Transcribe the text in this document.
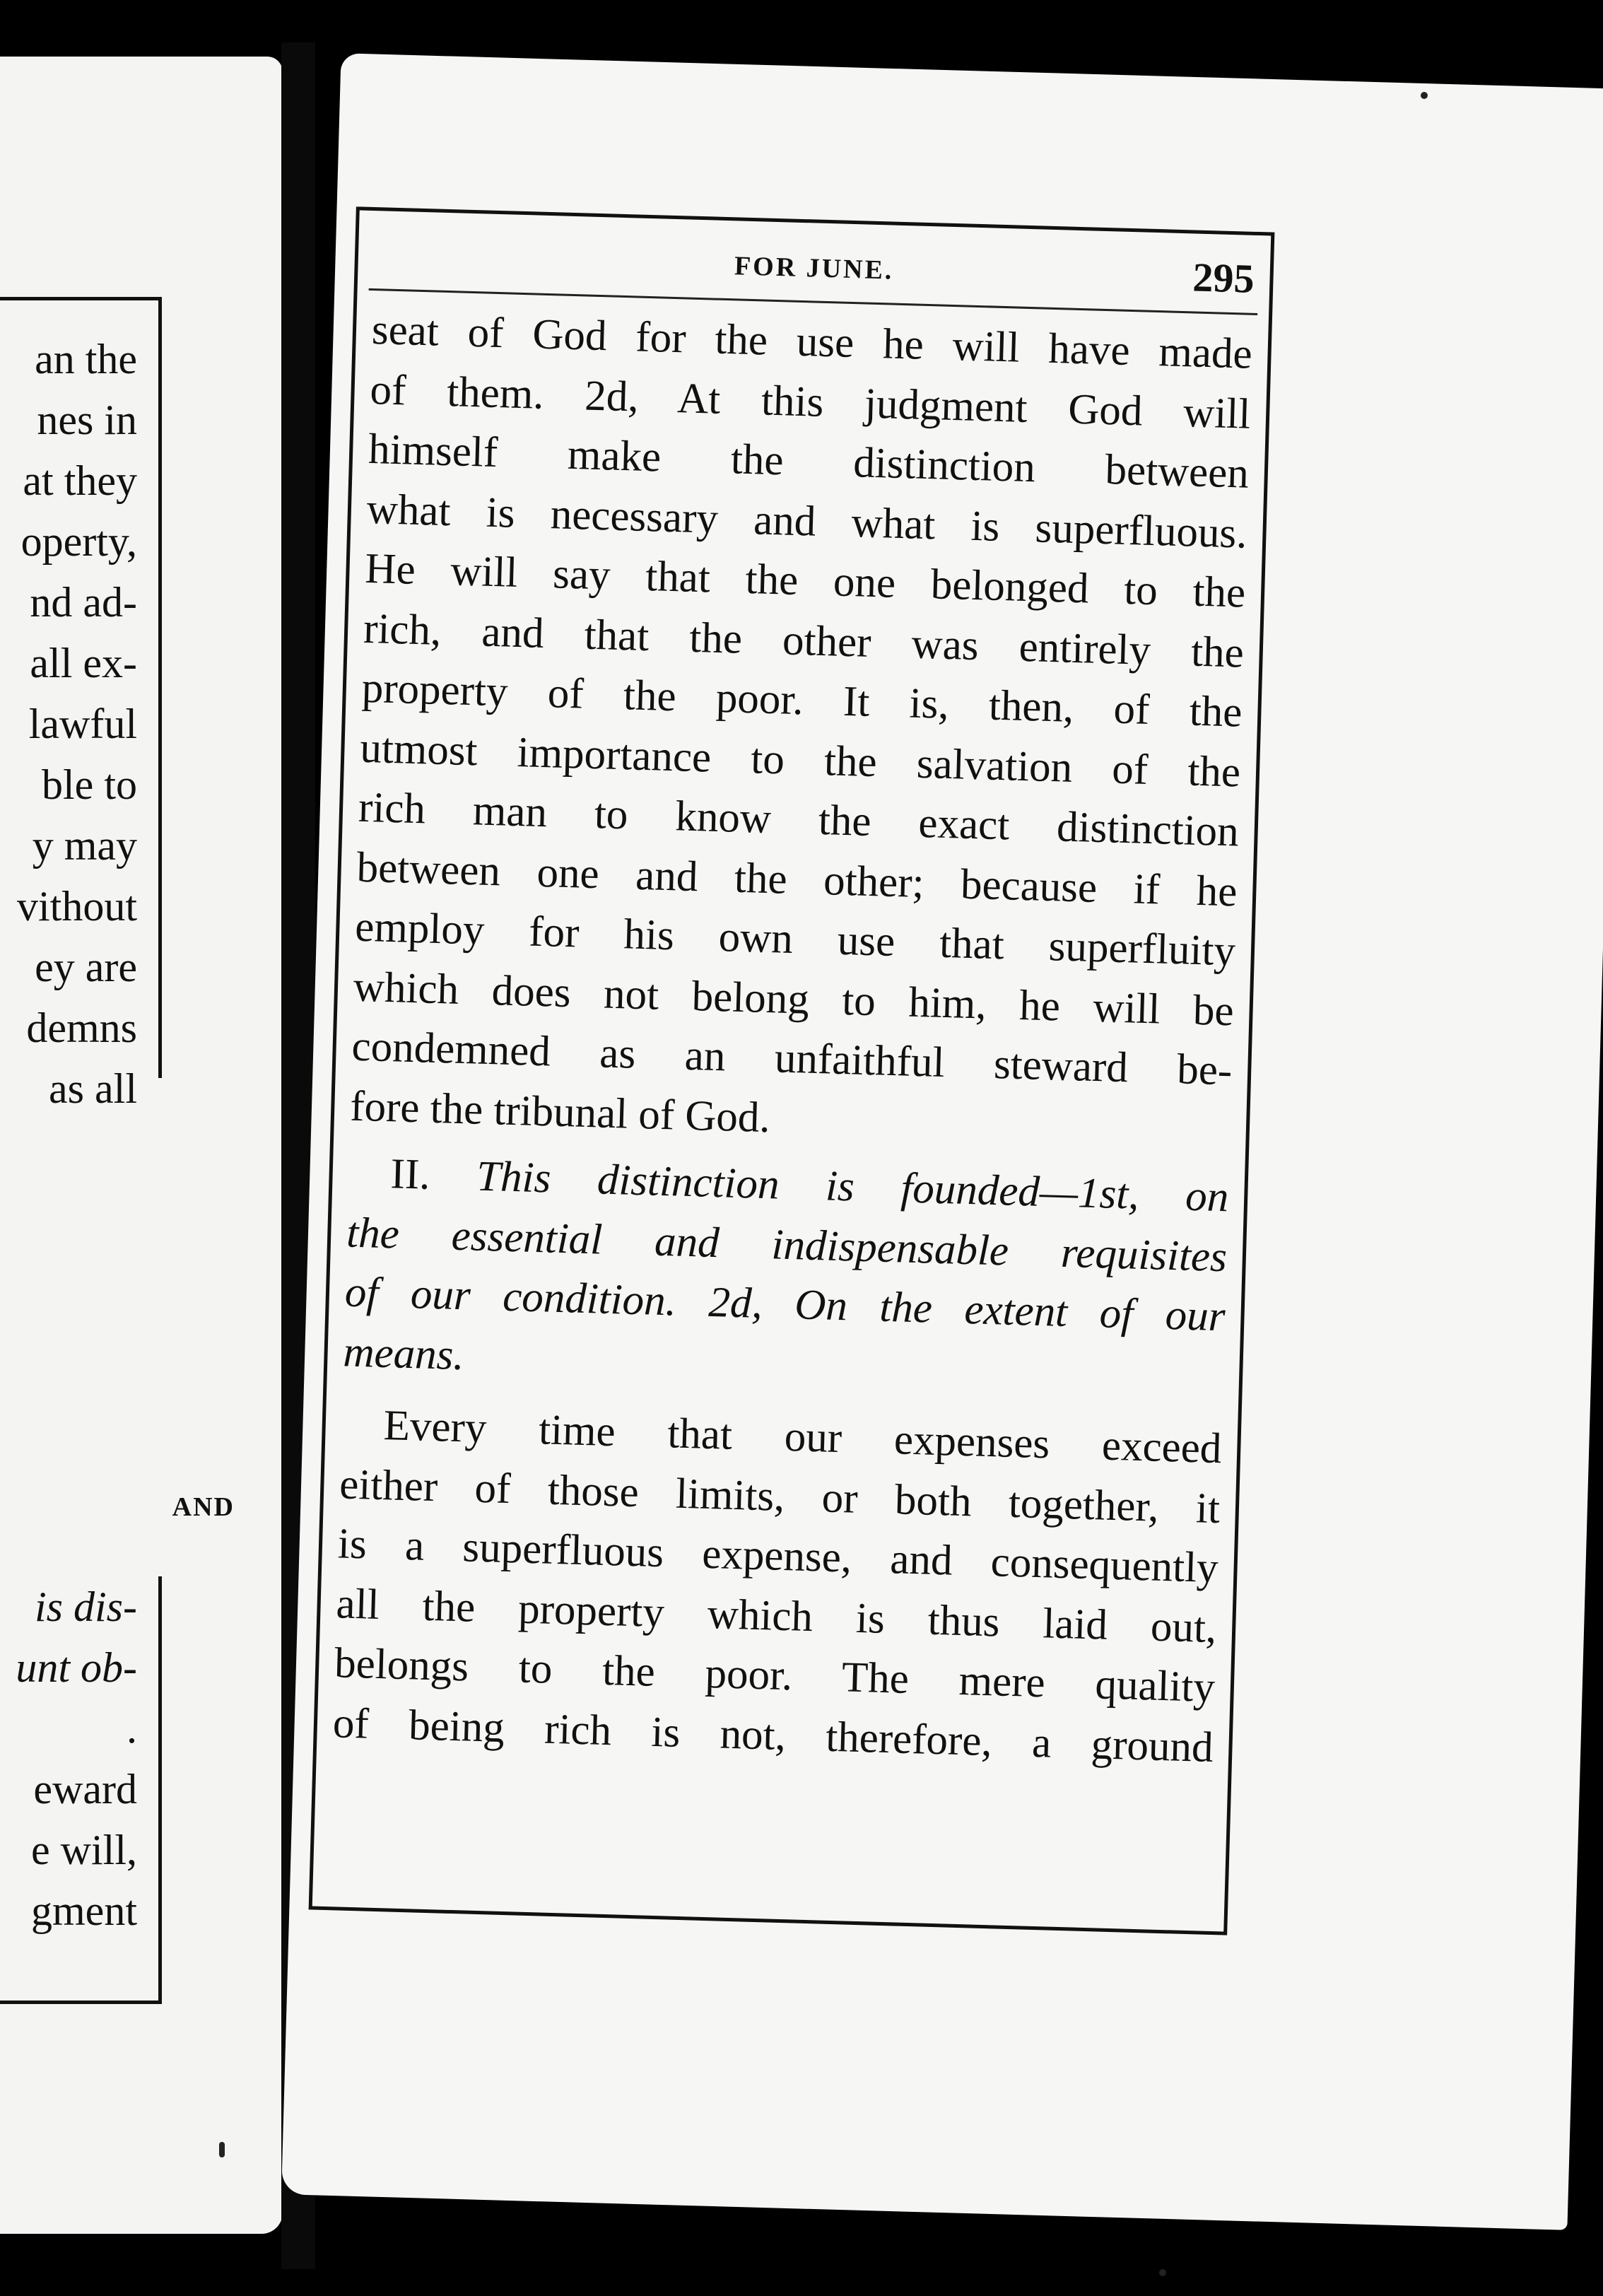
an the
nes in
at they
operty,
nd ad-
all ex-
lawful
ble to
y may
vithout
ey are
demns
as all
AND
is dis-
unt ob-
.
eward
e will,
gment
FOR JUNE.	295

seat of God for the use he will have made
of them. 2d, At this judgment God will
himself make the distinction between
what is necessary and what is superfluous.
He will say that the one belonged to the
rich, and that the other was entirely the
property of the poor. It is, then, of the
utmost importance to the salvation of the
rich man to know the exact distinction
between one and the other; because if he
employ for his own use that superfluity
which does not belong to him, he will be
condemned as an unfaithful steward be-
fore the tribunal of God.

II. This distinction is founded—1st, on
the essential and indispensable requisites
of our condition. 2d, On the extent of our
means.

Every time that our expenses exceed
either of those limits, or both together, it
is a superfluous expense, and consequently
all the property which is thus laid out,
belongs to the poor. The mere quality
of being rich is not, therefore, a ground
